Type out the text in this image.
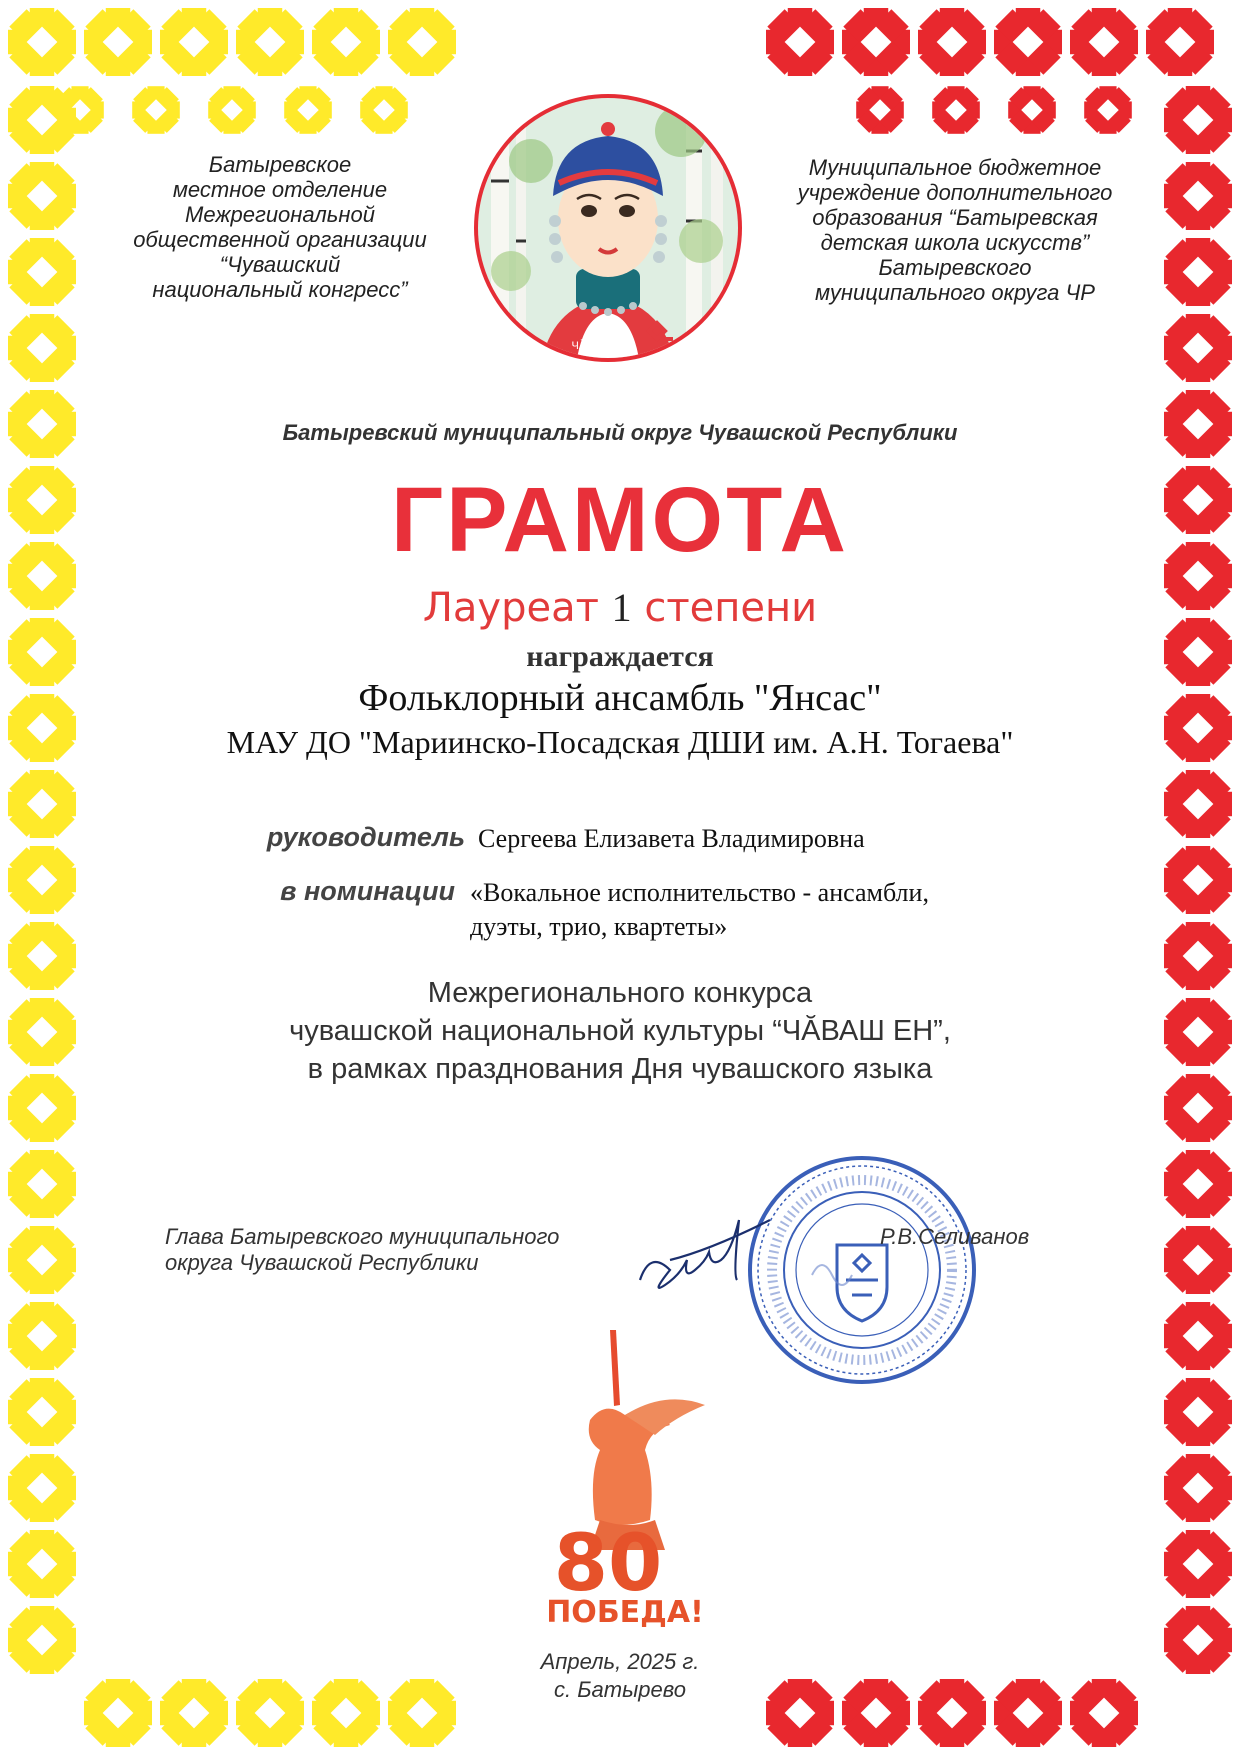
Батыревское
местное отделение
Межрегиональной
общественной организации
“Чувашский
национальный конгресс”
ЧӐВАШИЯ
Муниципальное бюджетное
учреждение дополнительного
образования “Батыревская
детская школа искусств”
Батыревского
муниципального округа ЧР
Батыревский муниципальный округ Чувашской Республики
ГРАМОТА
Лауреат 1 степени
награждается
Фольклорный ансамбль "Янсас"
МАУ ДО "Мариинско-Посадская ДШИ им. А.Н. Тогаева"
руководитель Сергеева Елизавета Владимировна
в номинации «Вокальное исполнительство - ансамбли,
дуэты, трио, квартеты»
Межрегионального конкурса
чувашской национальной культуры “ЧӐВАШ ЕН”,
в рамках празднования Дня чувашского языка
Глава Батыревского муниципального
округа Чувашской Республики
Р.В.Селиванов
80
ПОБЕДА!
Апрель, 2025 г.
с. Батырево
